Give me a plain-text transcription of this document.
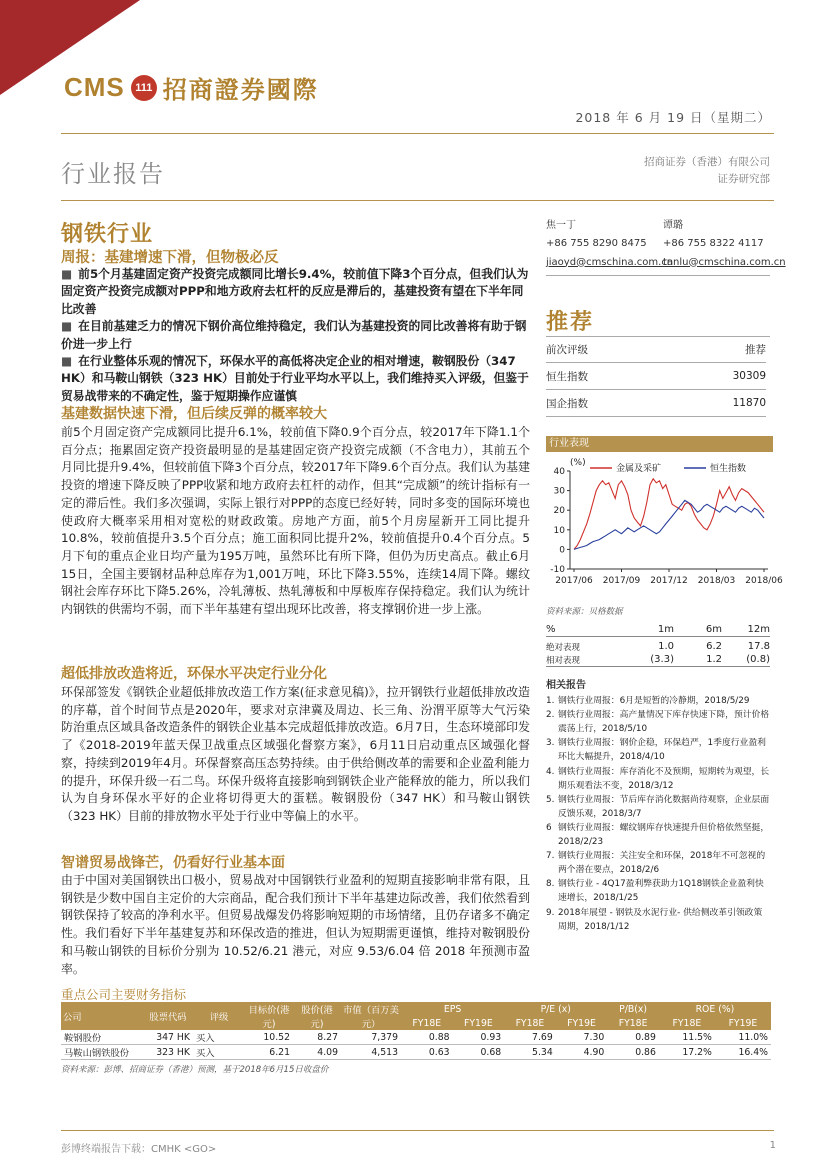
CMS 111 招商證券國際
2018 年 6 月 19 日（星期二）
行业报告	招商证券（香港）有限公司
证券研究部
钢铁行业
周报：基建增速下滑，但物极必反

■ 前5个月基建固定资产投资完成额同比增长9.4%，较前值下降3个百分点，但我们认为固定资产投资完成额对PPP和地方政府去杠杆的反应是滞后的，基建投资有望在下半年同比改善

■ 在目前基建乏力的情况下钢价高位维持稳定，我们认为基建投资的同比改善将有助于钢价进一步上行

■ 在行业整体乐观的情况下，环保水平的高低将决定企业的相对增速，鞍钢股份（347 HK）和马鞍山钢铁（323 HK）目前处于行业平均水平以上，我们维持买入评级，但鉴于贸易战带来的不确定性，鉴于短期操作应谨慎

基建数据快速下滑，但后续反弹的概率较大

前5个月固定资产完成额同比提升6.1%，较前值下降0.9个百分点，较2017年下降1.1个百分点；拖累固定资产投资最明显的是基建固定资产投资完成额（不含电力），其前五个月同比提升9.4%，但较前值下降3个百分点，较2017年下降9.6个百分点。我们认为基建投资的增速下降反映了PPP收紧和地方政府去杠杆的动作，但其“完成额”的统计指标有一定的滞后性。我们多次强调，实际上银行对PPP的态度已经好转，同时多变的国际环境也使政府大概率采用相对宽松的财政政策。房地产方面，前5个月房屋新开工同比提升10.8%，较前值提升3.5个百分点；施工面积同比提升2%，较前值提升0.4个百分点。5月下旬的重点企业日均产量为195万吨，虽然环比有所下降，但仍为历史高点。截止6月15日，全国主要钢材品种总库存为1,001万吨，环比下降3.55%，连续14周下降。螺纹钢社会库存环比下降5.26%，冷轧薄板、热轧薄板和中厚板库存保持稳定。我们认为统计内钢铁的供需均不弱，而下半年基建有望出现环比改善，将支撑钢价进一步上涨。

超低排放改造将近，环保水平决定行业分化

环保部签发《钢铁企业超低排放改造工作方案(征求意见稿)》，拉开钢铁行业超低排放改造的序幕，首个时间节点是2020年，要求对京津冀及周边、长三角、汾渭平原等大气污染防治重点区域具备改造条件的钢铁企业基本完成超低排放改造。6月7日，生态环境部印发了《2018-2019年蓝天保卫战重点区域强化督察方案》，6月11日启动重点区域强化督察，持续到2019年4月。环保督察高压态势持续。由于供给侧改革的需要和企业盈利能力的提升，环保升级一石二鸟。环保升级将直接影响到钢铁企业产能释放的能力，所以我们认为自身环保水平好的企业将切得更大的蛋糕。鞍钢股份（347 HK）和马鞍山钢铁（323 HK）目前的排放物水平处于行业中等偏上的水平。

智谱贸易战锋芒，仍看好行业基本面

由于中国对美国钢铁出口极小，贸易战对中国钢铁行业盈利的短期直接影响非常有限，且钢铁是少数中国自主定价的大宗商品，配合我们预计下半年基建边际改善，我们依然看到钢铁保持了较高的净利水平。但贸易战爆发仍将影响短期的市场情绪，且仍存诸多不确定性。我们看好下半年基建复苏和环保改造的推进，但认为短期需更谨慎，维持对鞍钢股份和马鞍山钢铁的目标价分别为 10.52/6.21 港元，对应 9.53/6.04 倍 2018 年预测市盈率。

焦一丁
+86 755 8290 8475
jiaoyd@cmschina.com.cn
谭璐
+86 755 8322 4117
tanlu@cmschina.com.cn
推荐
前次评级	推荐
恒生指数	30309
国企指数	11870
行业表现
(%)
40
30
20
10
0
-10
2017/06 2017/09 2017/12 2018/03 2018/06
金属及采矿	恒生指数
资料来源：贝格数据
%	1m	6m	12m
绝对表现	1.0	6.2	17.8
相对表现	(3.3)	1.2	(0.8)
相关报告
1. 钢铁行业周报：6月是短暂的冷静期，2018/5/29
2. 钢铁行业周报：高产量情况下库存快速下降，预计价格震荡上行，2018/5/10
3. 钢铁行业周报：钢价企稳，环保趋严，1季度行业盈利环比大幅提升，2018/4/10
4. 钢铁行业周报：库存消化不及预期，短期转为观望，长期乐观看法不变，2018/3/12
5. 钢铁行业周报：节后库存消化数据尚待观察，企业层面反馈乐观，2018/3/7
6 钢铁行业周报：螺纹钢库存快速提升但价格依然坚挺，2018/2/23
7. 钢铁行业周报：关注安全和环保，2018年不可忽视的两个潜在要点，2018/2/6
8. 钢铁行业 - 4Q17盈利弊获助力1Q18钢铁企业盈利快速增长，2018/1/25
9. 2018年展望 - 钢铁及水泥行业- 供给侧改革引领政策周期，2018/1/12
重点公司主要财务指标
公司	股票代码	评级	目标价(港元)	股价(港元)	市值（百万美元）	EPS		P/E (x)		P/B(x)	ROE (%)	
						FY18E	FY19E	FY18E	FY19E	FY18E	FY18E	FY19E
鞍钢股份	347 HK	买入	10.52	8.27	7,379	0.88	0.93	7.69	7.30	0.89	11.5%	11.0%
马鞍山钢铁股份	323 HK	买入	6.21	4.09	4,513	0.63	0.68	5.34	4.90	0.86	17.2%	16.4%
资料来源：彭博、招商证券（香港）预测，基于2018年6月15日收盘价
彭博终端报告下载：CMHK <GO>	1
